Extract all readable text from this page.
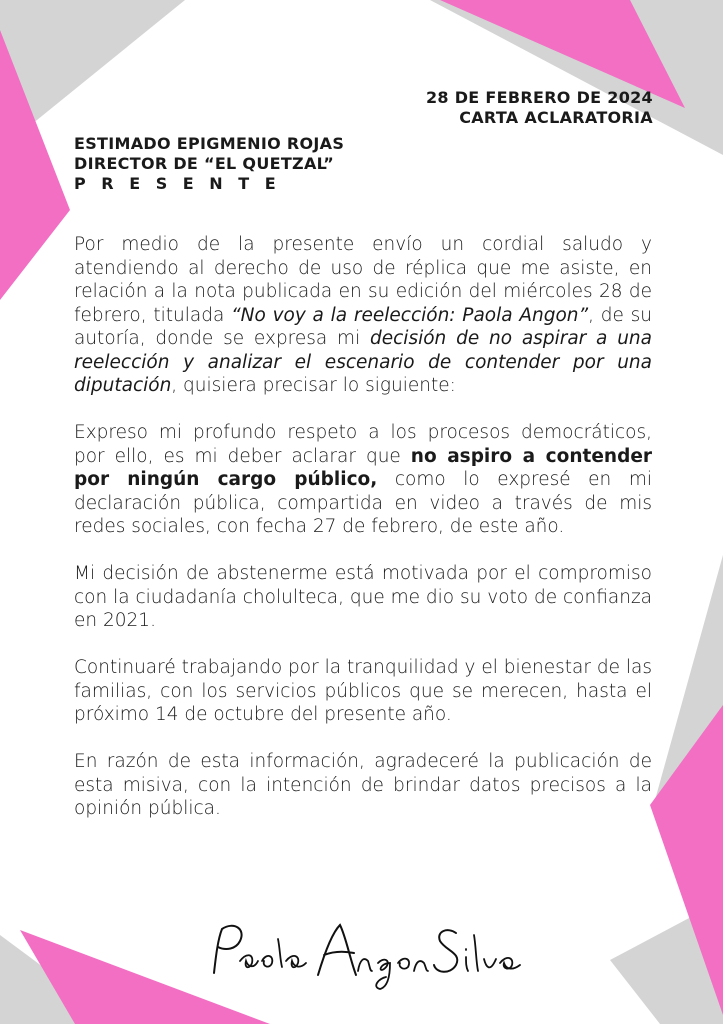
28 DE FEBRERO DE 2024
CARTA ACLARATORIA
ESTIMADO EPIGMENIO ROJAS
DIRECTOR DE “EL QUETZAL”
P R E S E N T E

Por medio de la presente envío un cordial saludo y atendiendo al derecho de uso de réplica que me asiste, en relación a la nota publicada en su edición del miércoles 28 de febrero, titulada “No voy a la reelección: Paola Angon”, de su autoría, donde se expresa mi decisión de no aspirar a una reelección y analizar el escenario de contender por una diputación, quisiera precisar lo siguiente:

Expreso mi profundo respeto a los procesos democráticos, por ello, es mi deber aclarar que no aspiro a contender por ningún cargo público, como lo expresé en mi declaración pública, compartida en video a través de mis redes sociales, con fecha 27 de febrero, de este año.

Mi decisión de abstenerme está motivada por el compromiso con la ciudadanía cholulteca, que me dio su voto de confianza en 2021.

Continuaré trabajando por la tranquilidad y el bienestar de las familias, con los servicios públicos que se merecen, hasta el próximo 14 de octubre del presente año.

En razón de esta información, agradeceré la publicación de esta misiva, con la intención de brindar datos precisos a la opinión pública.
